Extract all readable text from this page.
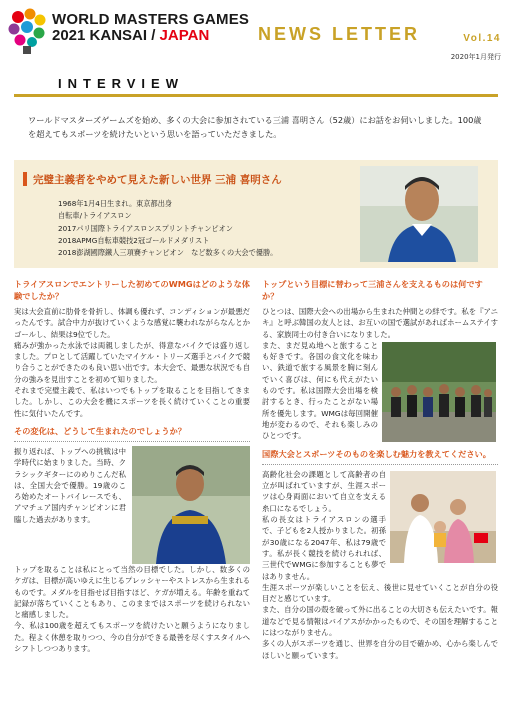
WORLD MASTERS GAMES
2021 KANSAI / JAPAN	NEWS LETTER	Vol.14
2020年1月発行
INTERVIEW
ワールドマスターズゲームズを始め、多くの大会に参加されている三浦 喜明さん（52歳）にお話をお伺いしました。100歳を超えてもスポーツを続けたいという思いを語っていただきました。
完璧主義者をやめて見えた新しい世界 三浦 喜明さん
1968年1月4日生まれ。東京都出身
自転車/トライアスロン
2017パリ国際トライアスロンスプリントチャンピオン
2018APMG自転車競技2冠ゴールドメダリスト
2018澎湖國際鐵人三項賽チャンピオン　など数多くの大会で優勝。
トライアスロンでエントリーした初めてのWMGはどのような体験でしたか？
実は大会直前に肋骨を骨折し、体調も優れず、コンディションが最悪だったんです。試合中力が抜けていくような感覚に襲われながらなんとかゴールし、結果は9位でした。
痛みが強かった水泳では両親しましたが、得意なバイクでは盛り返しました。プロとして活躍していたマイケル・トリーズ選手とバイクで競り合うことができたのも良い思い出です。本大会で、最悪な状況でも自分の強みを見出すことを初めて知りました。
それまで完璧主義で、私はいつでもトップを取ることを目指してきました。しかし、この大会を機にスポーツを長く続けていくことの重要性に気付いたんです。
その変化は、どうして生まれたのでしょうか？
振り返れば、トップへの挑戦は中学時代に始まりました。当時、クラシックギターにのめりこんだ私は、全国大会で優勝。19歳のころ始めたオートバイレースでも、アマチュア国内チャンピオンに君臨した過去があります。
トップを取ることは私にとって当然の目標でした。しかし、数多くのケガは、目標が高いゆえに生じるプレッシャーやストレスから生まれるものです。メダルを目指せば目指すほど、ケガが増える。年齢を重ねて記録が落ちていくこともあり、このままではスポーツを続けられないと痛感しました。
今、私は100歳を超えてもスポーツを続けたいと願うようになりました。程よく休憩を取りつつ、今の自分ができる最善を尽くすスタイルへシフトしつつあります。
トップという目標に替わって三浦さんを支えるものは何ですか？
ひとつは、国際大会への出場から生まれた仲間との絆です。私を『アニキ』と呼ぶ韓国の友人とは、お互いの国で選試があればホームステイする、家族同士の付き合いになりました。
また、まだ見ぬ地へと旅することも好きです。各国の食文化を味わい、鉄道で旅する風景を胸に刻んでいく喜びは、何にも代えがたいものです。私は国際大会出場を検討するとき、行ったことがない場所を優先します。WMGは毎回開催地が変わるので、それも楽しみのひとつです。
国際大会とスポーツそのものを楽しむ魅力を教えてください。
高齢化社会の課題として高齢者の自立が叫ばれていますが、生涯スポーツは心身両面において自立を支える糸口になるでしょう。
私の長女はトライアスロンの選手で、子どもを2人授かりました。初孫が30歳になる2047年、私は79歳です。私が長く競技を続けられれば、三世代でWMGに参加することも夢ではありません。
生涯スポーツが楽しいことを伝え、後世に見せていくことが自分の役目だと感じています。
また、自分の国の殻を破って外に出ることの大切さも伝えたいです。報道などで見る情報はバイアスがかかったもので、その国を理解することにはつながりません。
多くの人がスポーツを通じ、世界を自分の目で確かめ、心から楽しんでほしいと願っています。
